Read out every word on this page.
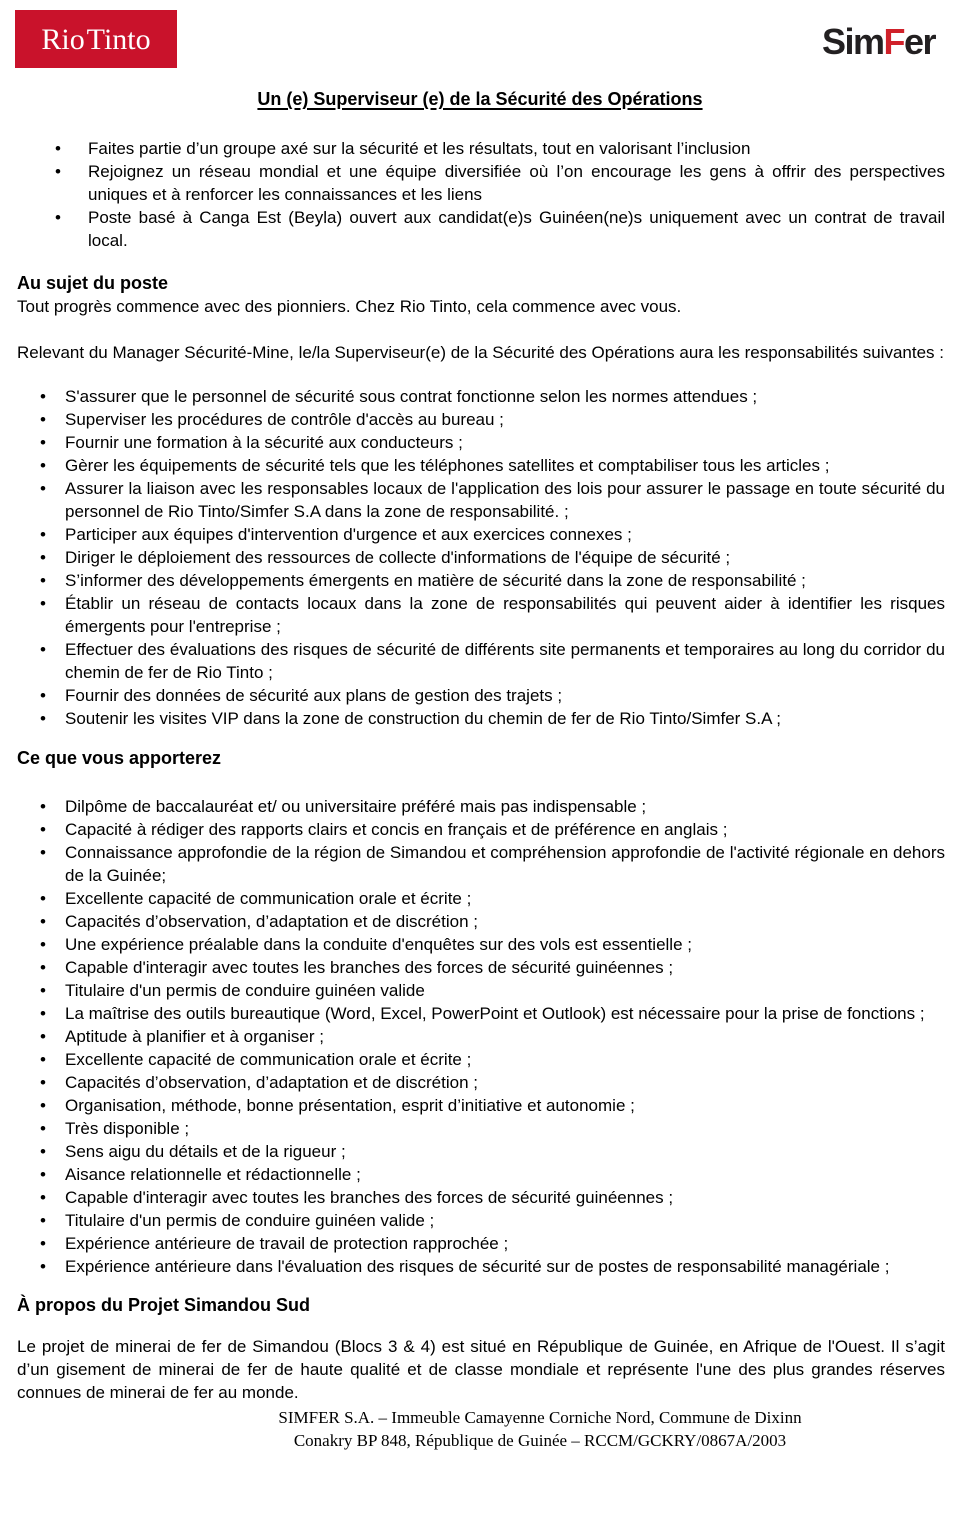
Rio Tinto	SimFer
Un (e) Superviseur (e) de la Sécurité des Opérations
• Faites partie d’un groupe axé sur la sécurité et les résultats, tout en valorisant l’inclusion
• Rejoignez un réseau mondial et une équipe diversifiée où l’on encourage les gens à offrir des perspectives uniques et à renforcer les connaissances et les liens
• Poste basé à Canga Est (Beyla) ouvert aux candidat(e)s Guinéen(ne)s uniquement avec un contrat de travail local.
Au sujet du poste

Tout progrès commence avec des pionniers. Chez Rio Tinto, cela commence avec vous.

Relevant du Manager Sécurité-Mine, le/la Superviseur(e) de la Sécurité des Opérations aura les responsabilités suivantes :

• S'assurer que le personnel de sécurité sous contrat fonctionne selon les normes attendues ;
• Superviser les procédures de contrôle d'accès au bureau ;
• Fournir une formation à la sécurité aux conducteurs ;
• Gèrer les équipements de sécurité tels que les téléphones satellites et comptabiliser tous les articles ;
• Assurer la liaison avec les responsables locaux de l'application des lois pour assurer le passage en toute sécurité du personnel de Rio Tinto/Simfer S.A dans la zone de responsabilité. ;
• Participer aux équipes d'intervention d'urgence et aux exercices connexes ;
• Diriger le déploiement des ressources de collecte d'informations de l'équipe de sécurité ;
• S’informer des développements émergents en matière de sécurité dans la zone de responsabilité ;
• Établir un réseau de contacts locaux dans la zone de responsabilités qui peuvent aider à identifier les risques émergents pour l'entreprise ;
• Effectuer des évaluations des risques de sécurité de différents site permanents et temporaires au long du corridor du chemin de fer de Rio Tinto ;
• Fournir des données de sécurité aux plans de gestion des trajets ;
• Soutenir les visites VIP dans la zone de construction du chemin de fer de Rio Tinto/Simfer S.A ;
Ce que vous apporterez
• Dilpôme de baccalauréat et/ ou universitaire préféré mais pas indispensable ;
• Capacité à rédiger des rapports clairs et concis en français et de préférence en anglais ;
• Connaissance approfondie de la région de Simandou et compréhension approfondie de l'activité régionale en dehors de la Guinée;
• Excellente capacité de communication orale et écrite ;
• Capacités d’observation, d’adaptation et de discrétion ;
• Une expérience préalable dans la conduite d'enquêtes sur des vols est essentielle ;
• Capable d'interagir avec toutes les branches des forces de sécurité guinéennes ;
• Titulaire d'un permis de conduire guinéen valide
• La maîtrise des outils bureautique (Word, Excel, PowerPoint et Outlook) est nécessaire pour la prise de fonctions ;
• Aptitude à planifier et à organiser ;
• Excellente capacité de communication orale et écrite ;
• Capacités d’observation, d’adaptation et de discrétion ;
• Organisation, méthode, bonne présentation, esprit d’initiative et autonomie ;
• Très disponible ;
• Sens aigu du détails et de la rigueur ;
• Aisance relationnelle et rédactionnelle ;
• Capable d'interagir avec toutes les branches des forces de sécurité guinéennes ;
• Titulaire d'un permis de conduire guinéen valide ;
• Expérience antérieure de travail de protection rapprochée ;
• Expérience antérieure dans l'évaluation des risques de sécurité sur de postes de responsabilité managériale ;
À propos du Projet Simandou Sud

Le projet de minerai de fer de Simandou (Blocs 3 & 4) est situé en République de Guinée, en Afrique de l'Ouest. Il s’agit d’un gisement de minerai de fer de haute qualité et de classe mondiale et représente l'une des plus grandes réserves connues de minerai de fer au monde.

SIMFER S.A. – Immeuble Camayenne Corniche Nord, Commune de Dixinn
Conakry BP 848, République de Guinée – RCCM/GCKRY/0867A/2003
